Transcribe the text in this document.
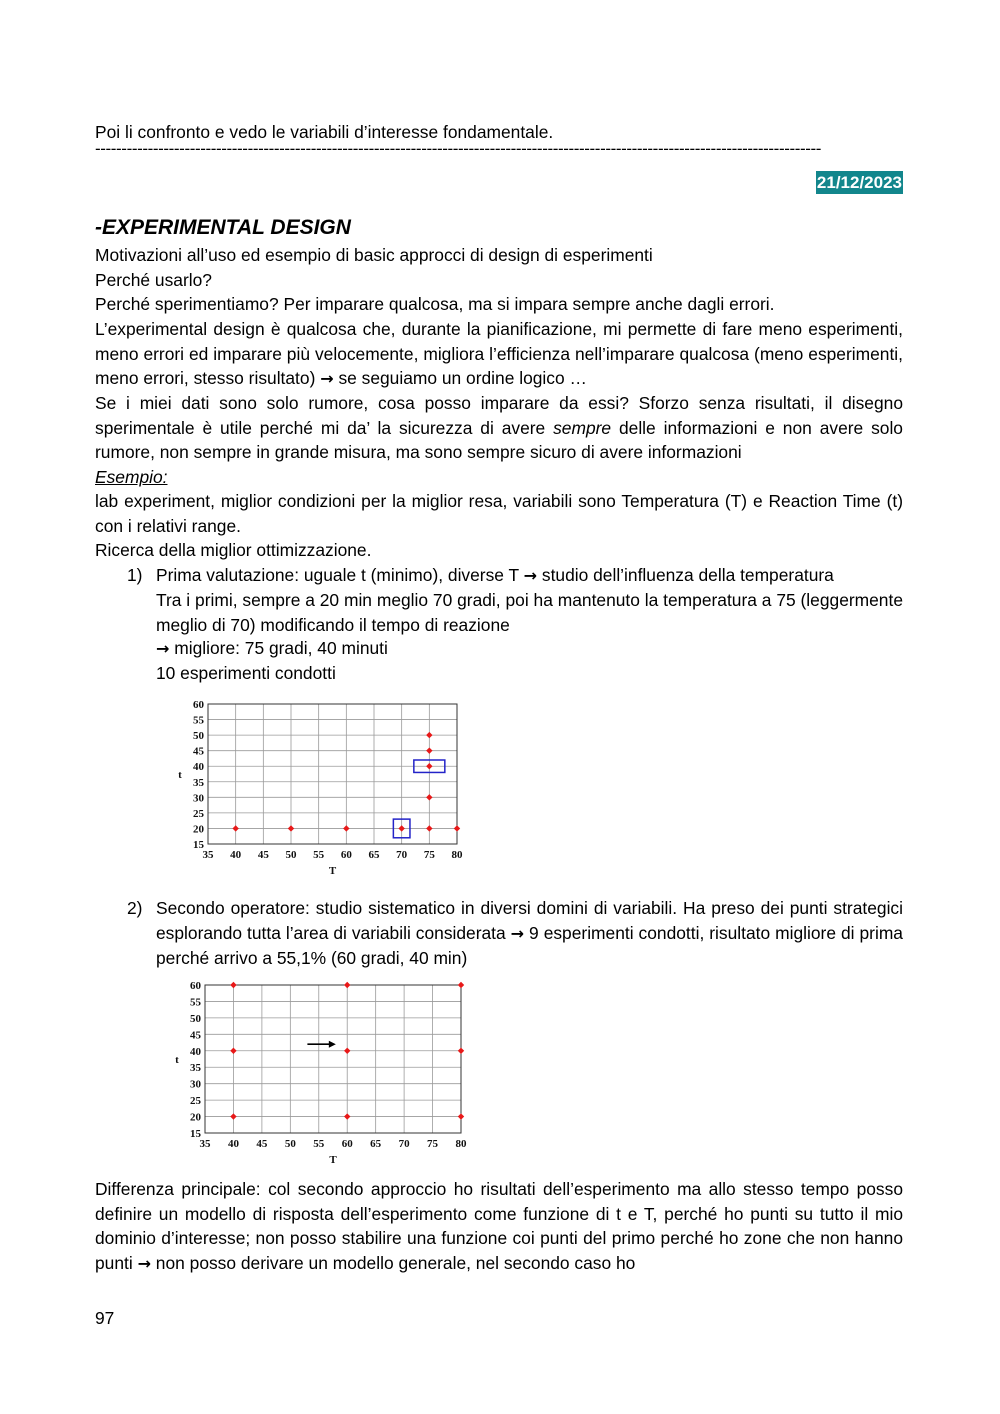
Poi li confronto e vedo le variabili d’interesse fondamentale.

------------------------------------------------------------------------------------------------------------------------------------------
21/12/2023
-EXPERIMENTAL DESIGN

Motivazioni all’uso ed esempio di basic approcci di design di esperimenti

Perché usarlo?

Perché sperimentiamo? Per imparare qualcosa, ma si impara sempre anche dagli errori.

L’experimental design è qualcosa che, durante la pianificazione, mi permette di fare meno esperimenti, meno errori ed imparare più velocemente, migliora l’efficienza nell’imparare qualcosa (meno esperimenti, meno errori, stesso risultato) → se seguiamo un ordine logico …

Se i miei dati sono solo rumore, cosa posso imparare da essi? Sforzo senza risultati, il disegno sperimentale è utile perché mi da’ la sicurezza di avere sempre delle informazioni e non avere solo rumore, non sempre in grande misura, ma sono sempre sicuro di avere informazioni

Esempio:

lab experiment, miglior condizioni per la miglior resa, variabili sono Temperatura (T) e Reaction Time (t) con i relativi range.

Ricerca della miglior ottimizzazione.

1) Prima valutazione: uguale t (minimo), diverse T → studio dell’influenza della temperatura

Tra i primi, sempre a 20 min meglio 70 gradi, poi ha mantenuto la temperatura a 75 (leggermente meglio di 70) modificando il tempo di reazione

→ migliore: 75 gradi, 40 minuti

10 esperimenti condotti

35 40 45 50 55 60 65 70 75 80
15
20
25
30
35
40
45
50
55
60
T
t
2) Secondo operatore: studio sistematico in diversi domini di variabili. Ha preso dei punti strategici esplorando tutta l’area di variabili considerata → 9 esperimenti condotti, risultato migliore di prima perché arrivo a 55,1% (60 gradi, 40 min)

35 40 45 50 55 60 65 70 75 80
15
20
25
30
35
40
45
50
55
60
T
t

Differenza principale: col secondo approccio ho risultati dell’esperimento ma allo stesso tempo posso definire un modello di risposta dell’esperimento come funzione di t e T, perché ho punti su tutto il mio dominio d’interesse; non posso stabilire una funzione coi punti del primo perché ho zone che non hanno punti → non posso derivare un modello generale, nel secondo caso ho

97
